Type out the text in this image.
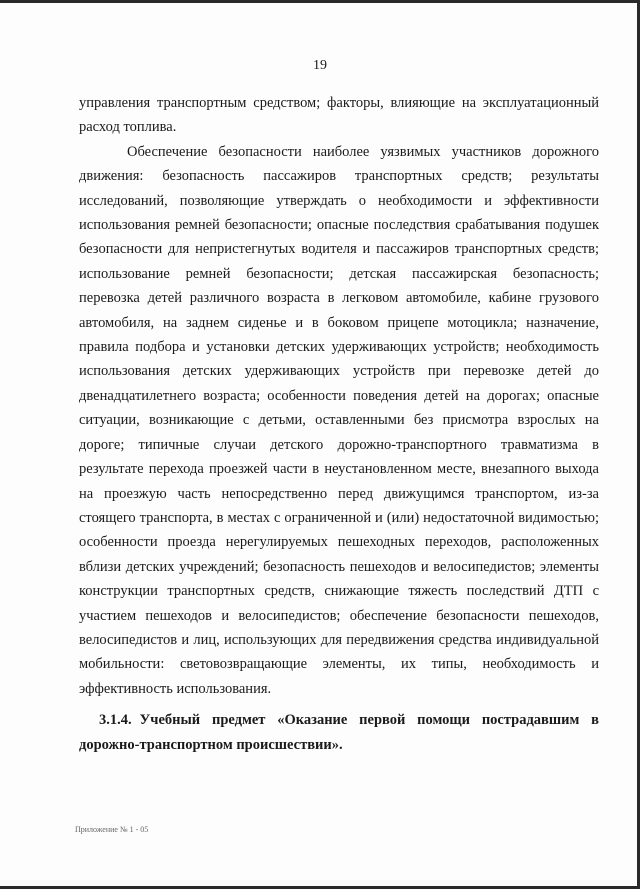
19

управления транспортным средством; факторы, влияющие на эксплуатационный расход топлива.

Обеспечение безопасности наиболее уязвимых участников дорожного движения: безопасность пассажиров транспортных средств; результаты исследований, позволяющие утверждать о необходимости и эффективности использования ремней безопасности; опасные последствия срабатывания подушек безопасности для непристегнутых водителя и пассажиров транспортных средств; использование ремней безопасности; детская пассажирская безопасность; перевозка детей различного возраста в легковом автомобиле, кабине грузового автомобиля, на заднем сиденье и в боковом прицепе мотоцикла; назначение, правила подбора и установки детских удерживающих устройств; необходимость использования детских удерживающих устройств при перевозке детей до двенадцатилетнего возраста; особенности поведения детей на дорогах; опасные ситуации, возникающие с детьми, оставленными без присмотра взрослых на дороге; типичные случаи детского дорожно-транспортного травматизма в результате перехода проезжей части в неустановленном месте, внезапного выхода на проезжую часть непосредственно перед движущимся транспортом, из-за стоящего транспорта, в местах с ограниченной и (или) недостаточной видимостью; особенности проезда нерегулируемых пешеходных переходов, расположенных вблизи детских учреждений; безопасность пешеходов и велосипедистов; элементы конструкции транспортных средств, снижающие тяжесть последствий ДТП с участием пешеходов и велосипедистов; обеспечение безопасности пешеходов, велосипедистов и лиц, использующих для передвижения средства индивидуальной мобильности: световозвращающие элементы, их типы, необходимость и эффективность использования.

3.1.4. Учебный предмет «Оказание первой помощи пострадавшим в дорожно-транспортном происшествии».

Приложение № 1 - 05
